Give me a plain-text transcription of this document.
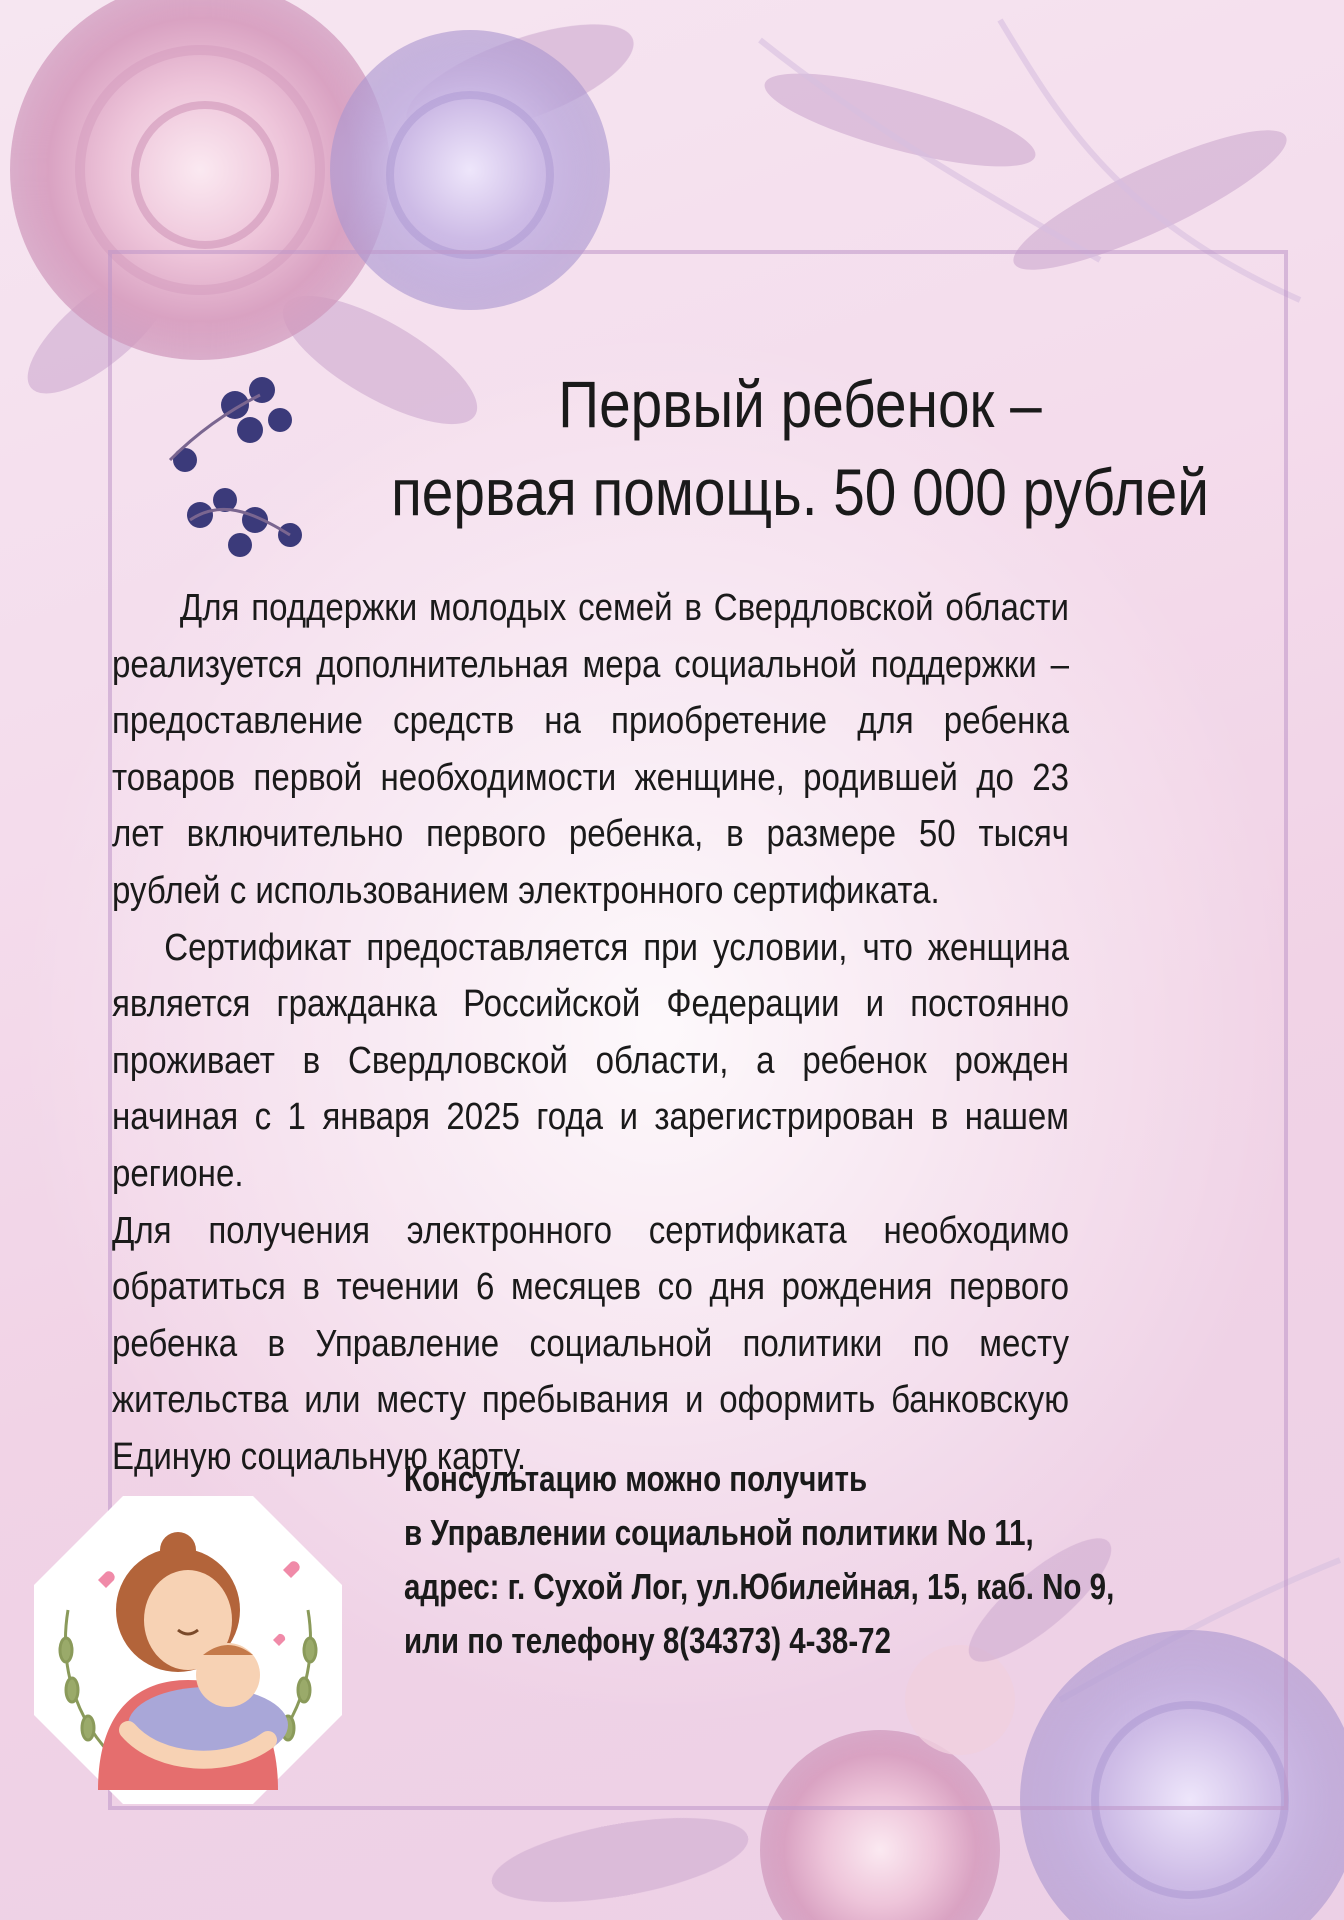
Первый ребенок –
первая помощь. 50 000 рублей

Для поддержки молодых семей в Свердловской области реализуется дополнительная мера социальной поддержки – предоставление средств на приобретение для ребенка товаров первой необходимости женщине, родившей до 23 лет включительно первого ребенка, в размере 50 тысяч рублей с использованием электронного сертификата.

Сертификат предоставляется при условии, что женщина является гражданка Российской Федерации и постоянно проживает в Свердловской области, а ребенок рожден начиная с 1 января 2025 года и зарегистрирован в нашем регионе.

Для получения электронного сертификата необходимо обратиться в течении 6 месяцев со дня рождения первого ребенка в Управление социальной политики по месту жительства или месту пребывания и оформить банковскую Единую социальную карту.

Консультацию можно получить
в Управлении социальной политики No 11,
адрес: г. Сухой Лог, ул.Юбилейная, 15, каб. No 9,
или по телефону 8(34373) 4-38-72
